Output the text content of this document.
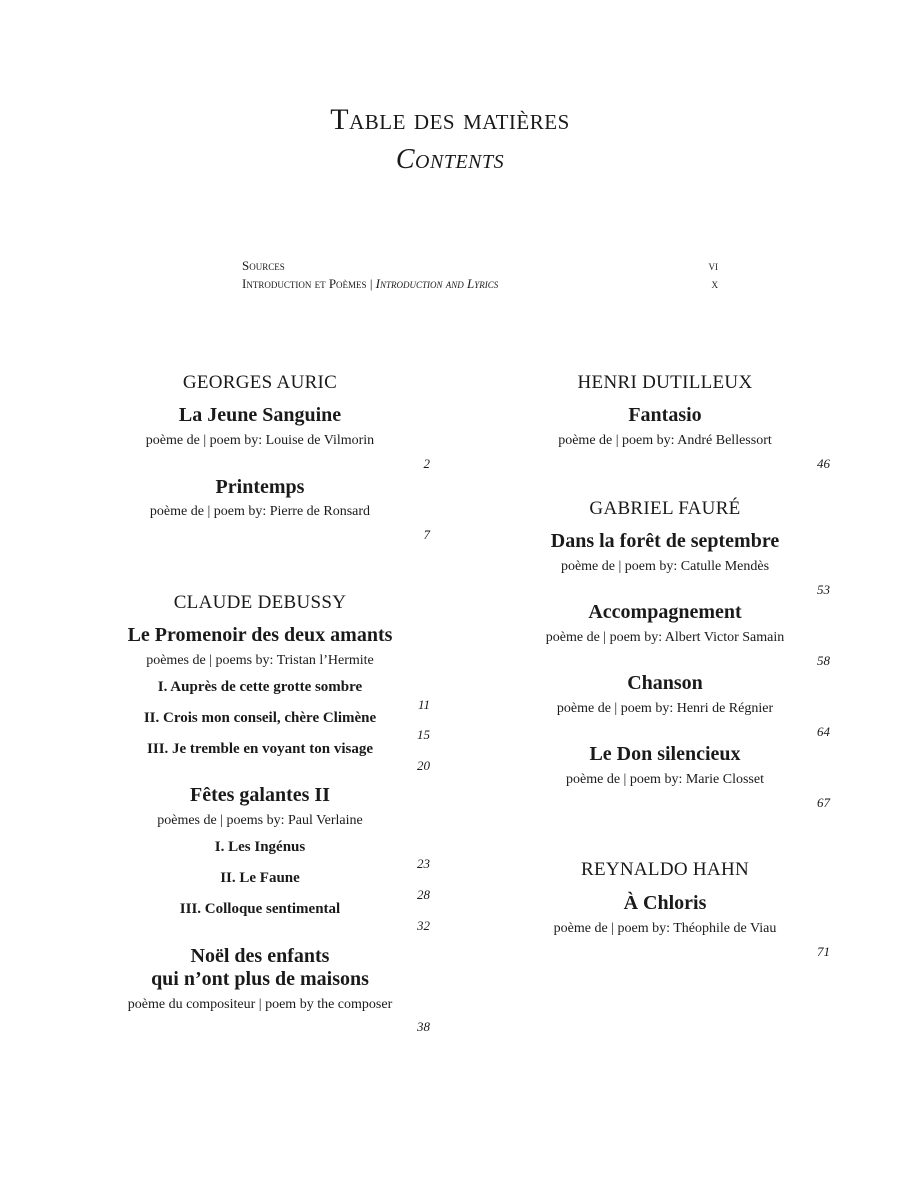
Table des matières
Contents
Sources	vi
Introduction et Poèmes | Introduction and Lyrics	x
GEORGES AURIC
La Jeune Sanguine
poème de | poem by: Louise de Vilmorin
2
Printemps
poème de | poem by: Pierre de Ronsard
7
CLAUDE DEBUSSY
Le Promenoir des deux amants
poèmes de | poems by: Tristan l’Hermite
I. Auprès de cette grotte sombre
11
II. Crois mon conseil, chère Climène
15
III. Je tremble en voyant ton visage
20
Fêtes galantes II
poèmes de | poems by: Paul Verlaine
I. Les Ingénus
23
II. Le Faune
28
III. Colloque sentimental
32
Noël des enfants
qui n’ont plus de maisons
poème du compositeur | poem by the composer
38
HENRI DUTILLEUX
Fantasio
poème de | poem by: André Bellessort
46
GABRIEL FAURÉ
Dans la forêt de septembre
poème de | poem by: Catulle Mendès
53
Accompagnement
poème de | poem by: Albert Victor Samain
58
Chanson
poème de | poem by: Henri de Régnier
64
Le Don silencieux
poème de | poem by: Marie Closset
67
REYNALDO HAHN
À Chloris
poème de | poem by: Théophile de Viau
71
